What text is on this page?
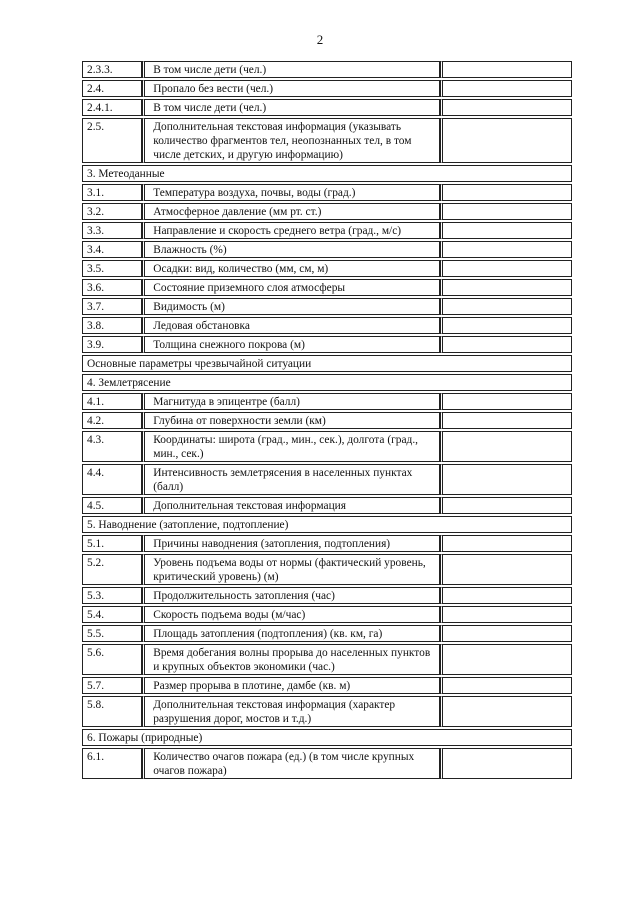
2
2.3.3.	В том числе дети (чел.)	
2.4.	Пропало без вести (чел.)	
2.4.1.	В том числе дети (чел.)	
2.5.	Дополнительная текстовая информация (указывать количество фрагментов тел, неопознанных тел, в том числе детских, и другую информацию)	
3. Метеоданные		
3.1.	Температура воздуха, почвы, воды (град.)	
3.2.	Атмосферное давление (мм рт. ст.)	
3.3.	Направление и скорость среднего ветра (град., м/с)	
3.4.	Влажность (%)	
3.5.	Осадки: вид, количество (мм, см, м)	
3.6.	Состояние приземного слоя атмосферы	
3.7.	Видимость (м)	
3.8.	Ледовая обстановка	
3.9.	Толщина снежного покрова (м)	
Основные параметры чрезвычайной ситуации		
4. Землетрясение		
4.1.	Магнитуда в эпицентре (балл)	
4.2.	Глубина от поверхности земли (км)	
4.3.	Координаты: широта (град., мин., сек.), долгота (град., мин., сек.)	
4.4.	Интенсивность землетрясения в населенных пунктах (балл)	
4.5.	Дополнительная текстовая информация	
5. Наводнение (затопление, подтопление)		
5.1.	Причины наводнения (затопления, подтопления)	
5.2.	Уровень подъема воды от нормы (фактический уровень, критический уровень) (м)	
5.3.	Продолжительность затопления (час)	
5.4.	Скорость подъема воды (м/час)	
5.5.	Площадь затопления (подтопления) (кв. км, га)	
5.6.	Время добегания волны прорыва до населенных пунктов и крупных объектов экономики (час.)	
5.7.	Размер прорыва в плотине, дамбе (кв. м)	
5.8.	Дополнительная текстовая информация (характер разрушения дорог, мостов и т.д.)	
6. Пожары (природные)		
6.1.	Количество очагов пожара (ед.) (в том числе крупных очагов пожара)	
